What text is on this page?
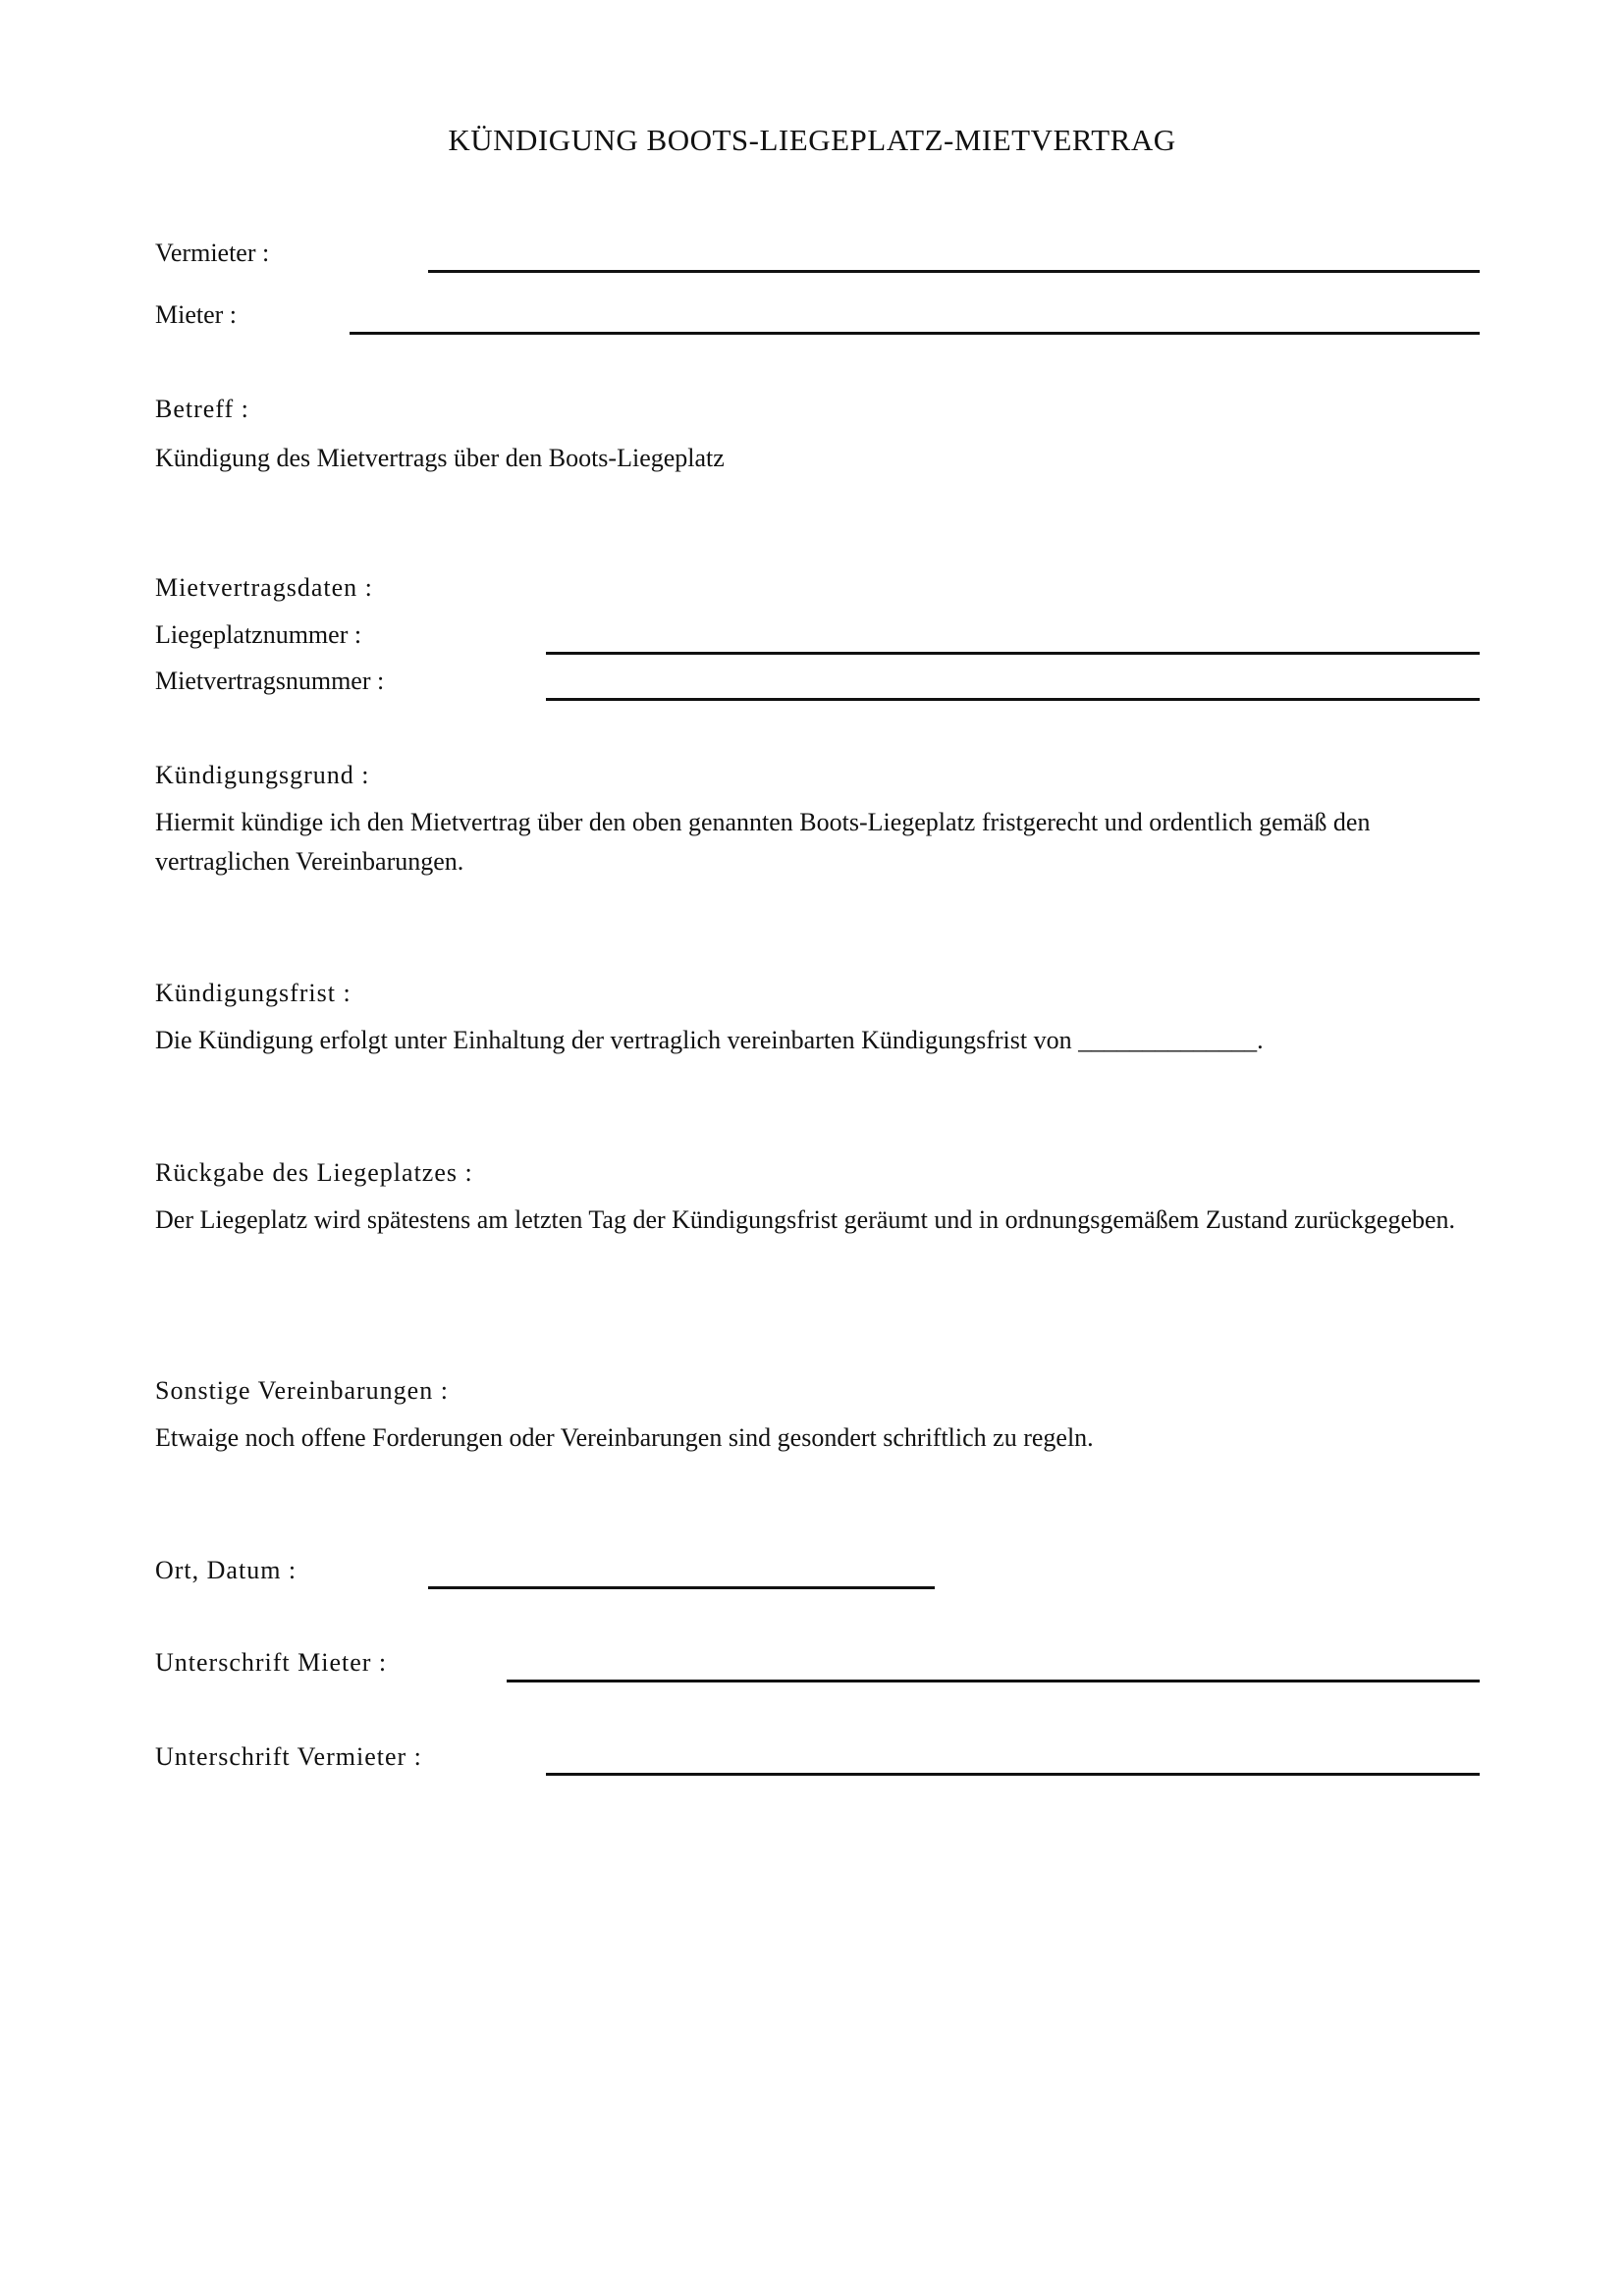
KÜNDIGUNG BOOTS-LIEGEPLATZ-MIETVERTRAG
Vermieter :
Mieter :
Betreff :
Kündigung des Mietvertrags über den Boots-Liegeplatz
Mietvertragsdaten :
Liegeplatznummer :
Mietvertragsnummer :
Kündigungsgrund :
Hiermit kündige ich den Mietvertrag über den oben genannten Boots-Liegeplatz fristgerecht und ordentlich gemäß den vertraglichen Vereinbarungen.
Kündigungsfrist :
Die Kündigung erfolgt unter Einhaltung der vertraglich vereinbarten Kündigungsfrist von ______________.
Rückgabe des Liegeplatzes :
Der Liegeplatz wird spätestens am letzten Tag der Kündigungsfrist geräumt und in ordnungsgemäßem Zustand zurückgegeben.
Sonstige Vereinbarungen :
Etwaige noch offene Forderungen oder Vereinbarungen sind gesondert schriftlich zu regeln.
Ort, Datum :
Unterschrift Mieter :
Unterschrift Vermieter :
